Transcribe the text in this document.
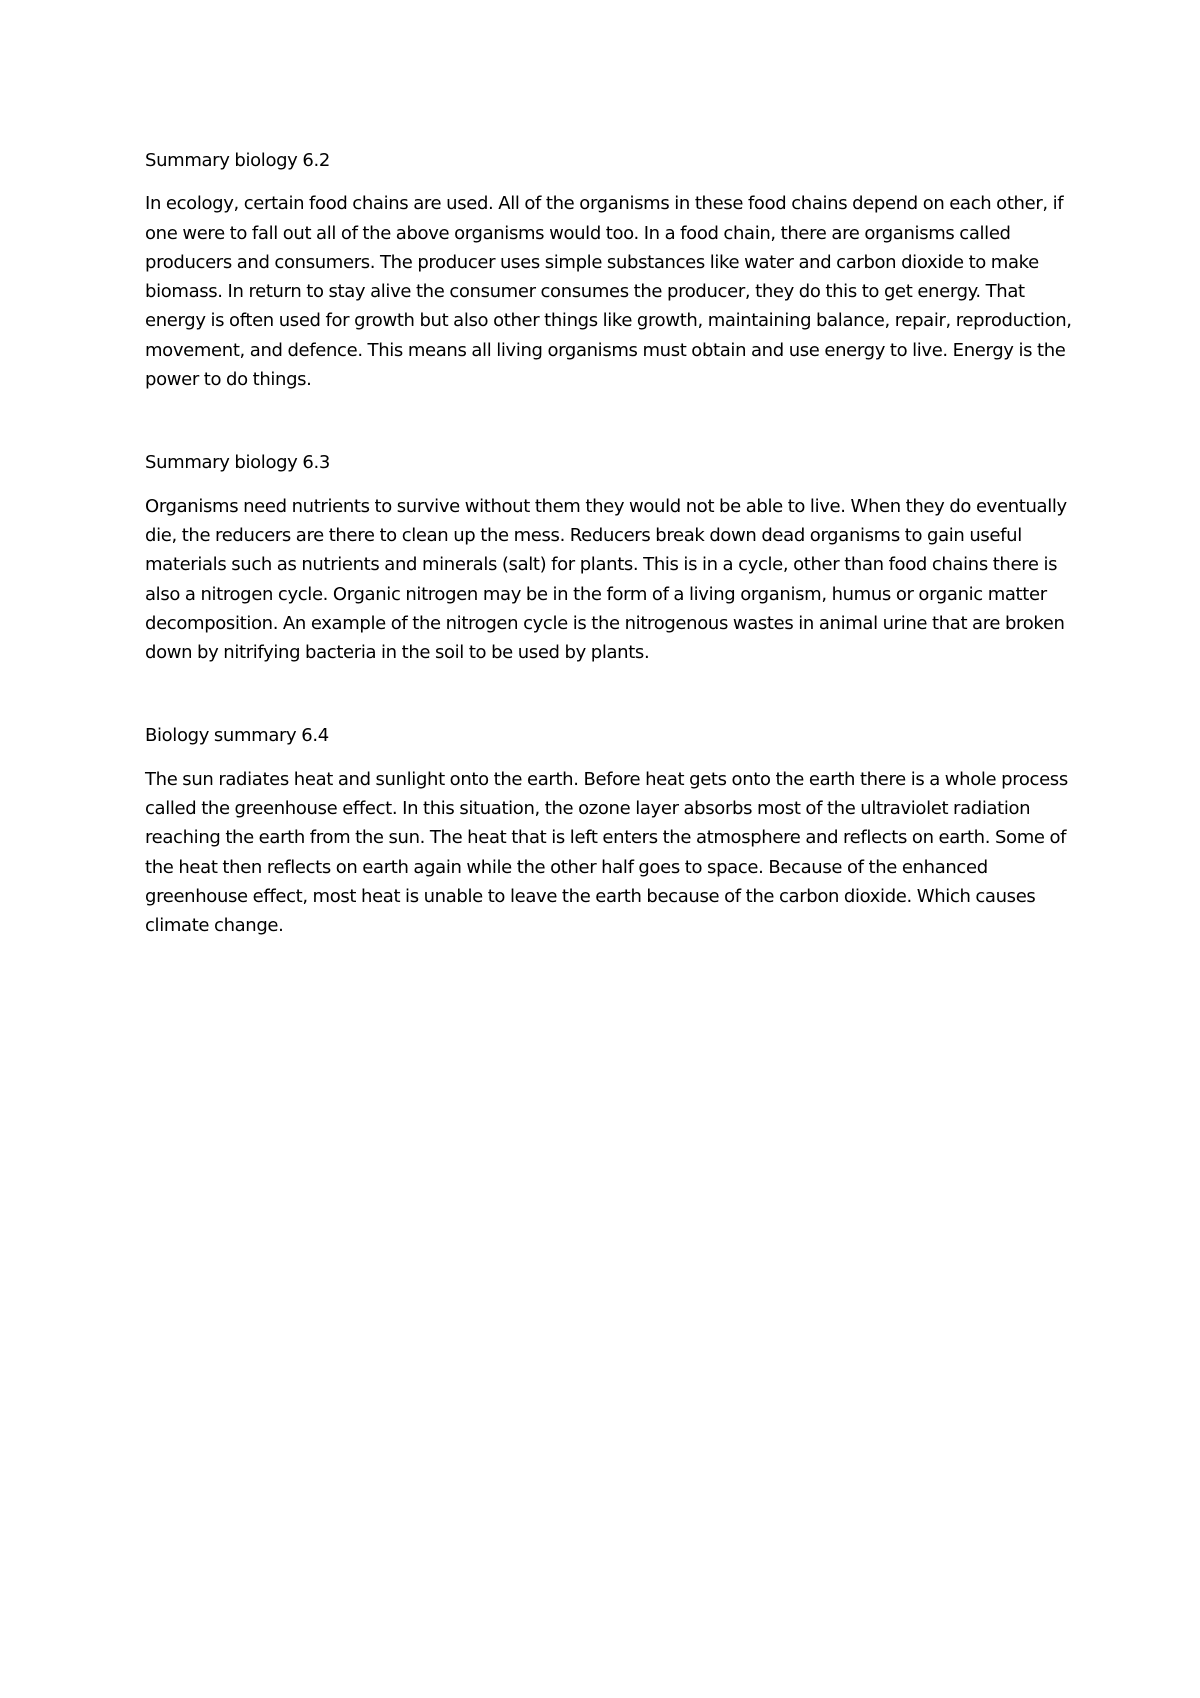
Summary biology 6.2

In ecology, certain food chains are used. All of the organisms in these food chains depend on each other, if one were to fall out all of the above organisms would too. In a food chain, there are organisms called producers and consumers. The producer uses simple substances like water and carbon dioxide to make biomass. In return to stay alive the consumer consumes the producer, they do this to get energy. That energy is often used for growth but also other things like growth, maintaining balance, repair, reproduction, movement, and defence. This means all living organisms must obtain and use energy to live. Energy is the power to do things.

Summary biology 6.3

Organisms need nutrients to survive without them they would not be able to live. When they do eventually die, the reducers are there to clean up the mess. Reducers break down dead organisms to gain useful materials such as nutrients and minerals (salt) for plants. This is in a cycle, other than food chains there is also a nitrogen cycle. Organic nitrogen may be in the form of a living organism, humus or organic matter decomposition. An example of the nitrogen cycle is the nitrogenous wastes in animal urine that are broken down by nitrifying bacteria in the soil to be used by plants.

Biology summary 6.4

The sun radiates heat and sunlight onto the earth. Before heat gets onto the earth there is a whole process called the greenhouse effect. In this situation, the ozone layer absorbs most of the ultraviolet radiation reaching the earth from the sun. The heat that is left enters the atmosphere and reflects on earth. Some of the heat then reflects on earth again while the other half goes to space. Because of the enhanced greenhouse effect, most heat is unable to leave the earth because of the carbon dioxide. Which causes climate change.
